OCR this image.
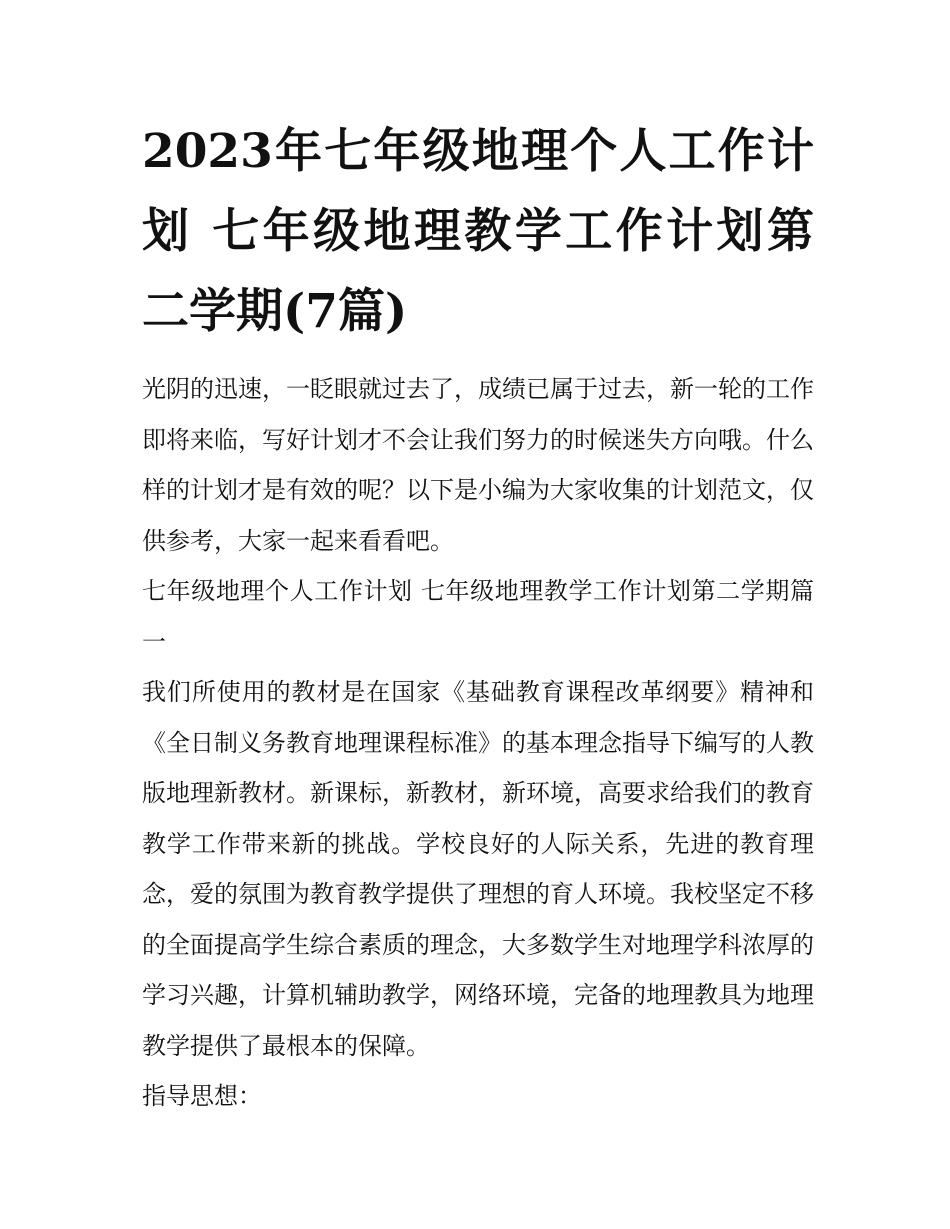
2023年七年级地理个人工作计划 七年级地理教学工作计划第二学期(7篇)

光阴的迅速，一眨眼就过去了，成绩已属于过去，新一轮的工作即将来临，写好计划才不会让我们努力的时候迷失方向哦。什么样的计划才是有效的呢？以下是小编为大家收集的计划范文，仅供参考，大家一起来看看吧。

七年级地理个人工作计划 七年级地理教学工作计划第二学期篇一

我们所使用的教材是在国家《基础教育课程改革纲要》精神和《全日制义务教育地理课程标准》的基本理念指导下编写的人教版地理新教材。新课标，新教材，新环境，高要求给我们的教育教学工作带来新的挑战。学校良好的人际关系，先进的教育理念，爱的氛围为教育教学提供了理想的育人环境。我校坚定不移的全面提高学生综合素质的理念，大多数学生对地理学科浓厚的学习兴趣，计算机辅助教学，网络环境，完备的地理教具为地理教学提供了最根本的保障。

指导思想：
